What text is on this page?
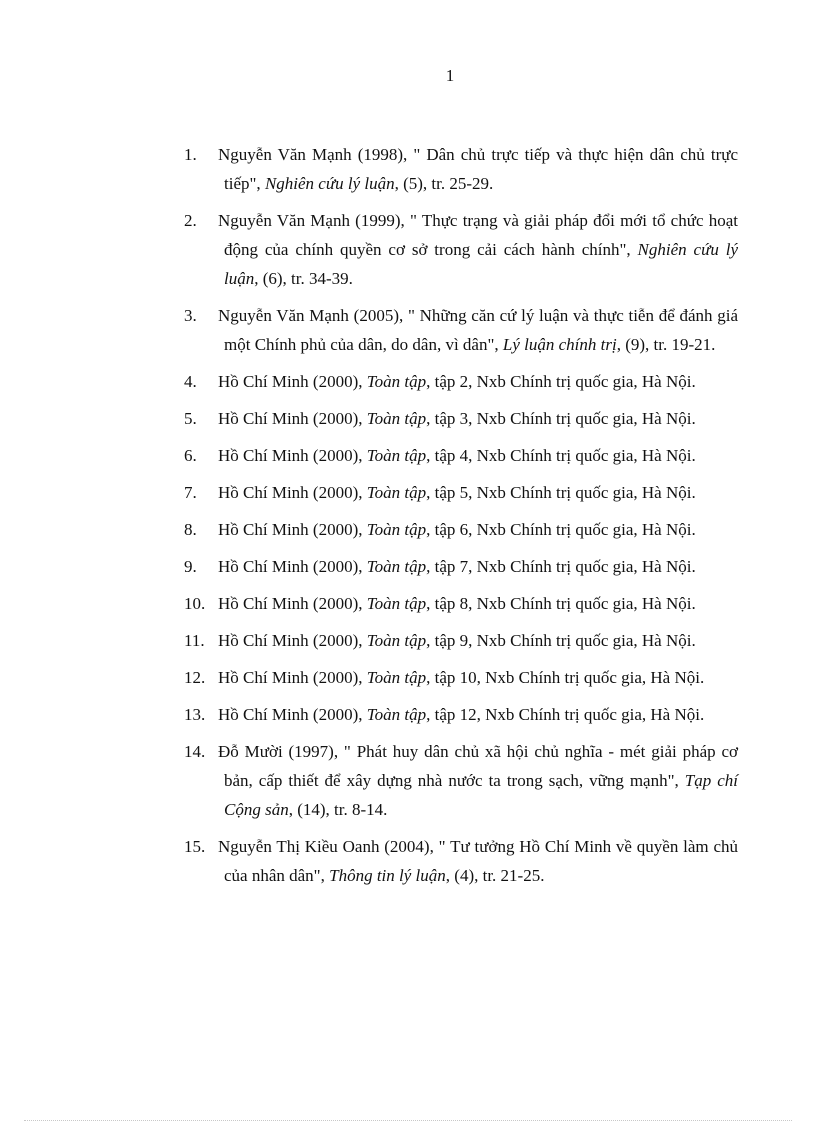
1
1. Nguyễn Văn Mạnh (1998), " Dân chủ trực tiếp và thực hiện dân chủ trực tiếp", Nghiên cứu lý luận, (5), tr. 25-29.
2. Nguyễn Văn Mạnh (1999), " Thực trạng và giải pháp đổi mới tổ chức hoạt động của chính quyền cơ sở trong cải cách hành chính", Nghiên cứu lý luận, (6), tr. 34-39.
3. Nguyễn Văn Mạnh (2005), " Những căn cứ lý luận và thực tiễn để đánh giá một Chính phủ của dân, do dân, vì dân", Lý luận chính trị, (9), tr. 19-21.
4. Hồ Chí Minh (2000), Toàn tập, tập 2, Nxb Chính trị quốc gia, Hà Nội.
5. Hồ Chí Minh (2000), Toàn tập, tập 3, Nxb Chính trị quốc gia, Hà Nội.
6. Hồ Chí Minh (2000), Toàn tập, tập 4, Nxb Chính trị quốc gia, Hà Nội.
7. Hồ Chí Minh (2000), Toàn tập, tập 5, Nxb Chính trị quốc gia, Hà Nội.
8. Hồ Chí Minh (2000), Toàn tập, tập 6, Nxb Chính trị quốc gia, Hà Nội.
9. Hồ Chí Minh (2000), Toàn tập, tập 7, Nxb Chính trị quốc gia, Hà Nội.
10. Hồ Chí Minh (2000), Toàn tập, tập 8, Nxb Chính trị quốc gia, Hà Nội.
11. Hồ Chí Minh (2000), Toàn tập, tập 9, Nxb Chính trị quốc gia, Hà Nội.
12. Hồ Chí Minh (2000), Toàn tập, tập 10, Nxb Chính trị quốc gia, Hà Nội.
13. Hồ Chí Minh (2000), Toàn tập, tập 12, Nxb Chính trị quốc gia, Hà Nội.
14. Đỗ Mười (1997), " Phát huy dân chủ xã hội chủ nghĩa - mét giải pháp cơ bản, cấp thiết để xây dựng nhà nước ta trong sạch, vững mạnh", Tạp chí Cộng sản, (14), tr. 8-14.
15. Nguyễn Thị Kiều Oanh (2004), " Tư tưởng Hồ Chí Minh về quyền làm chủ của nhân dân", Thông tin lý luận, (4), tr. 21-25.
